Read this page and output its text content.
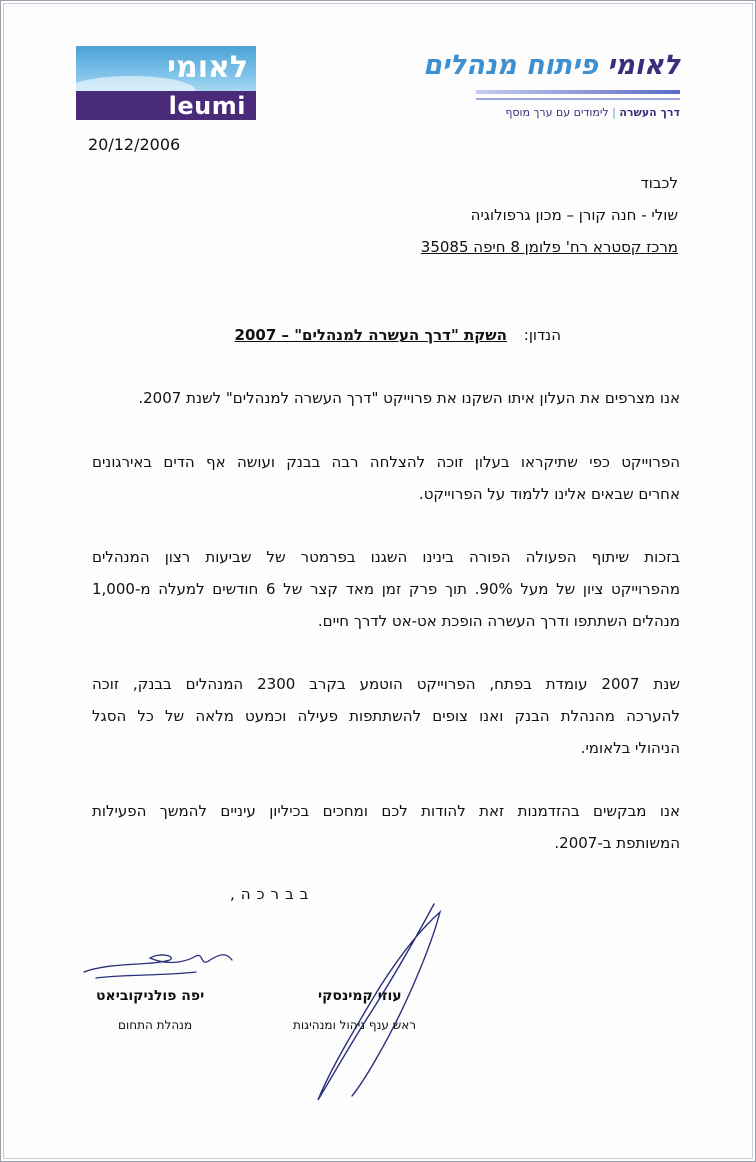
לאומי
leumi
לאומי פיתוח מנהלים
דרך העשרה | לימודים עם ערך מוסף
20/12/2006
לכבוד
שולי - חנה קורן – מכון גרפולוגיה
מרכז קסטרא רח' פלומן 8 חיפה 35085
הנדון: השקת "דרך העשרה למנהלים" – 2007
אנו מצרפים את העלון איתו השקנו את פרוייקט "דרך העשרה למנהלים" לשנת 2007.
הפרוייקט כפי שתיקראו בעלון זוכה להצלחה רבה בבנק ועושה אף הדים באירגונים
אחרים שבאים אלינו ללמוד על הפרוייקט.
בזכות שיתוף הפעולה הפורה בינינו השגנו בפרמטר של שביעות רצון המנהלים
מהפרוייקט ציון של מעל 90%. תוך פרק זמן מאד קצר של 6 חודשים למעלה מ-1,000
מנהלים השתתפו ודרך העשרה הופכת אט-אט לדרך חיים.
שנת 2007 עומדת בפתח, הפרוייקט הוטמע בקרב 2300 המנהלים בבנק, זוכה
להערכה מהנהלת הבנק ואנו צופים להשתתפות פעילה וכמעט מלאה של כל הסגל
הניהולי בלאומי.
אנו מבקשים בהזדמנות זאת להודות לכם ומחכים בכיליון עיניים להמשך הפעילות
המשותפת ב-2007.
בברכה,
עוזי קמינסקי
ראש ענף ניהול ומנהיגות
יפה פולניקוביאט
מנהלת התחום
